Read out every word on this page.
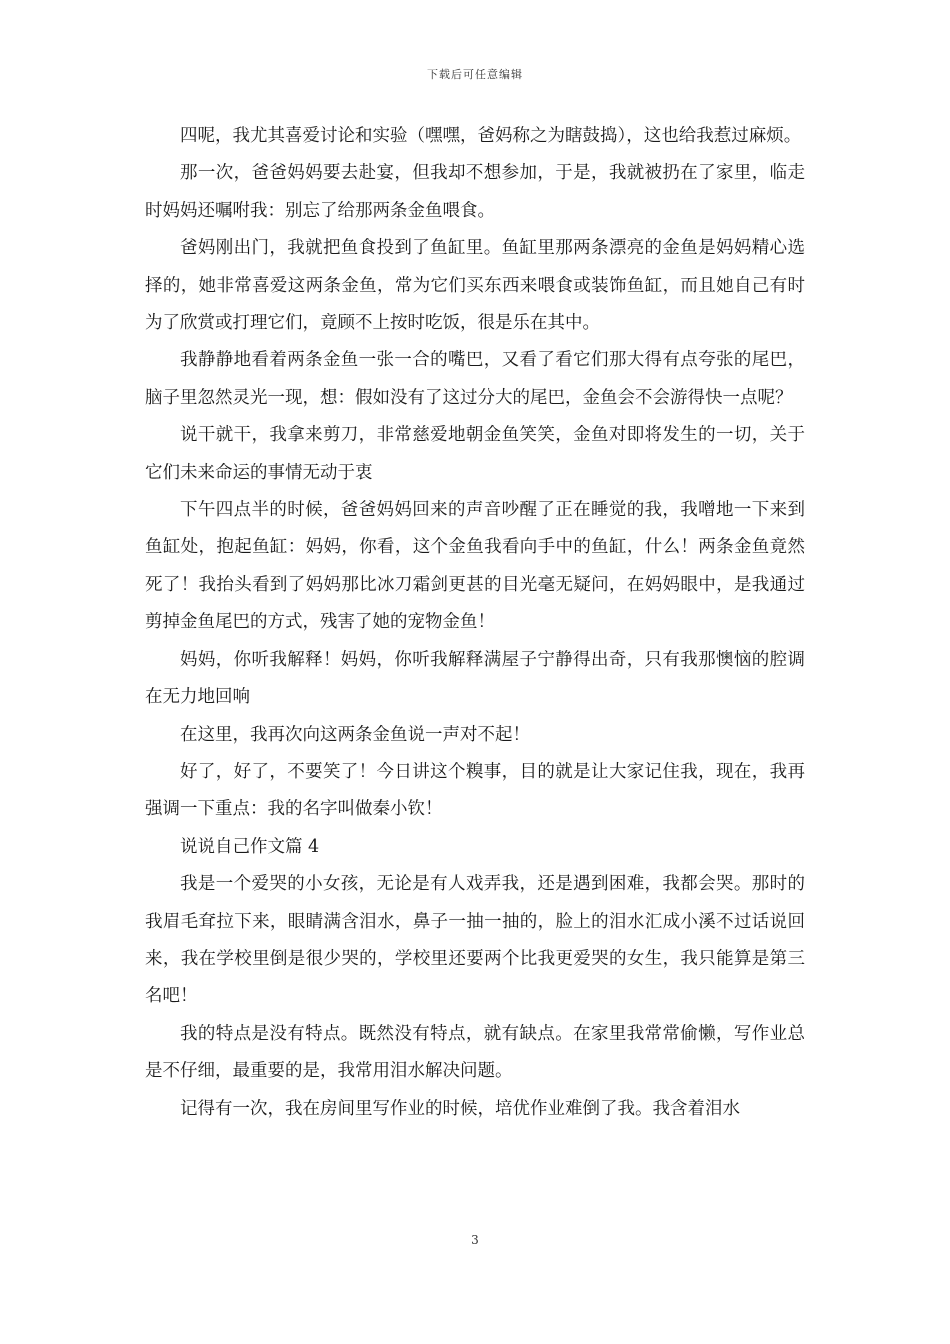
下载后可任意编辑

四呢，我尤其喜爱讨论和实验（嘿嘿，爸妈称之为瞎鼓捣），这也给我惹过麻烦。

那一次，爸爸妈妈要去赴宴，但我却不想参加，于是，我就被扔在了家里，临走时妈妈还嘱咐我：别忘了给那两条金鱼喂食。

爸妈刚出门，我就把鱼食投到了鱼缸里。鱼缸里那两条漂亮的金鱼是妈妈精心选择的，她非常喜爱这两条金鱼，常为它们买东西来喂食或装饰鱼缸，而且她自己有时为了欣赏或打理它们，竟顾不上按时吃饭，很是乐在其中。

我静静地看着两条金鱼一张一合的嘴巴，又看了看它们那大得有点夸张的尾巴，脑子里忽然灵光一现，想：假如没有了这过分大的尾巴，金鱼会不会游得快一点呢？

说干就干，我拿来剪刀，非常慈爱地朝金鱼笑笑，金鱼对即将发生的一切，关于它们未来命运的事情无动于衷

下午四点半的时候，爸爸妈妈回来的声音吵醒了正在睡觉的我，我噌地一下来到鱼缸处，抱起鱼缸：妈妈，你看，这个金鱼我看向手中的鱼缸，什么！两条金鱼竟然死了！我抬头看到了妈妈那比冰刀霜剑更甚的目光毫无疑问，在妈妈眼中，是我通过剪掉金鱼尾巴的方式，残害了她的宠物金鱼！

妈妈，你听我解释！妈妈，你听我解释满屋子宁静得出奇，只有我那懊恼的腔调在无力地回响

在这里，我再次向这两条金鱼说一声对不起！

好了，好了，不要笑了！今日讲这个糗事，目的就是让大家记住我，现在，我再强调一下重点：我的名字叫做秦小钦！

说说自己作文篇 4

我是一个爱哭的小女孩，无论是有人戏弄我，还是遇到困难，我都会哭。那时的我眉毛耷拉下来，眼睛满含泪水，鼻子一抽一抽的，脸上的泪水汇成小溪不过话说回来，我在学校里倒是很少哭的，学校里还要两个比我更爱哭的女生，我只能算是第三名吧！

我的特点是没有特点。既然没有特点，就有缺点。在家里我常常偷懒，写作业总是不仔细，最重要的是，我常用泪水解决问题。

记得有一次，我在房间里写作业的时候，培优作业难倒了我。我含着泪水

3
